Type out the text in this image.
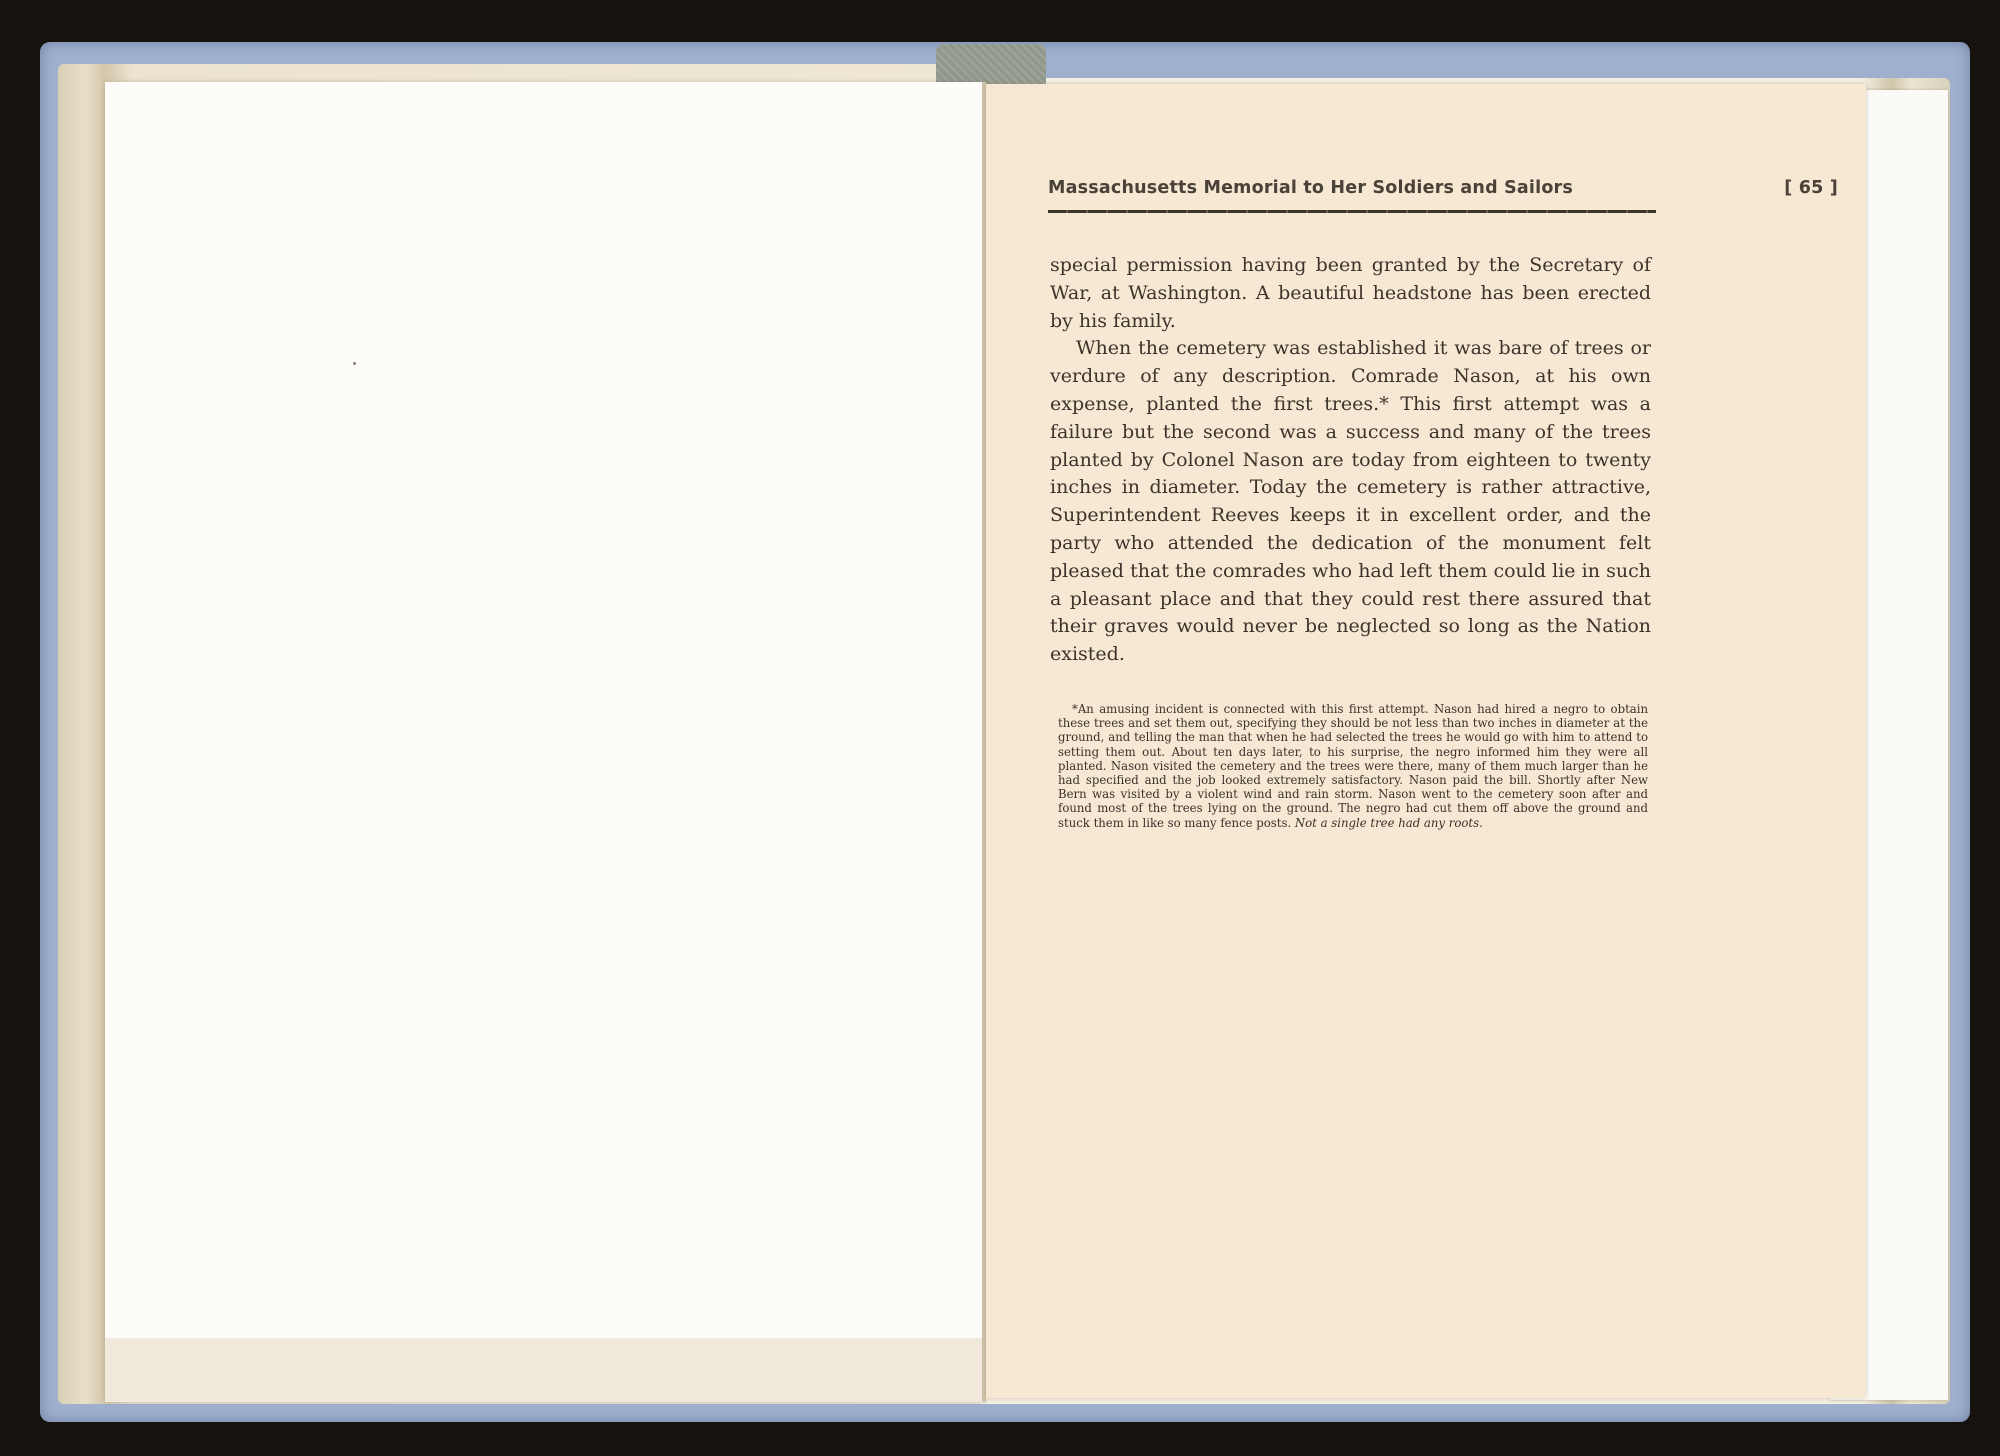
Massachusetts Memorial to Her Soldiers and Sailors	[ 65 ]

special permission having been granted by the Secretary of War, at Washington. A beautiful headstone has been erected by his family.

When the cemetery was established it was bare of trees or verdure of any description. Comrade Nason, at his own expense, planted the first trees.* This first attempt was a failure but the second was a success and many of the trees planted by Colonel Nason are today from eighteen to twenty inches in diameter. Today the cemetery is rather attractive, Superintendent Reeves keeps it in excellent order, and the party who attended the dedication of the monument felt pleased that the comrades who had left them could lie in such a pleasant place and that they could rest there assured that their graves would never be neglected so long as the Nation existed.

*An amusing incident is connected with this first attempt. Nason had hired a negro to obtain these trees and set them out, specifying they should be not less than two inches in diameter at the ground, and telling the man that when he had selected the trees he would go with him to attend to setting them out. About ten days later, to his surprise, the negro informed him they were all planted. Nason visited the cemetery and the trees were there, many of them much larger than he had specified and the job looked extremely satisfactory. Nason paid the bill. Shortly after New Bern was visited by a violent wind and rain storm. Nason went to the cemetery soon after and found most of the trees lying on the ground. The negro had cut them off above the ground and stuck them in like so many fence posts. Not a single tree had any roots.
